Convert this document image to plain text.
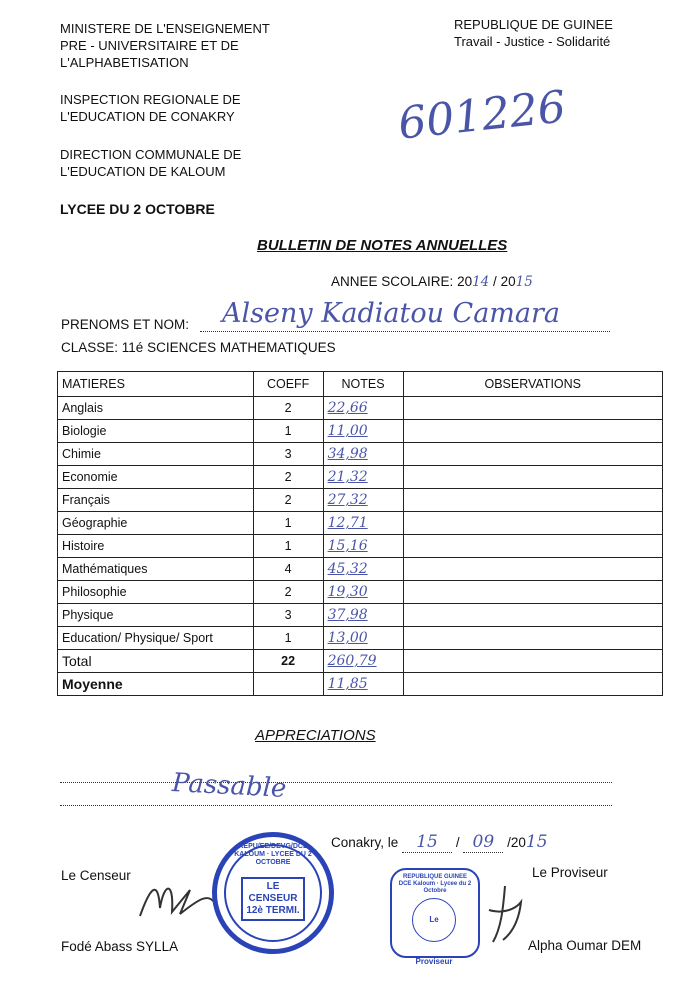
MINISTERE DE L'ENSEIGNEMENT
PRE - UNIVERSITAIRE ET DE
L'ALPHABETISATION
INSPECTION REGIONALE DE
L'EDUCATION DE CONAKRY
DIRECTION COMMUNALE DE
L'EDUCATION DE KALOUM
LYCEE DU 2 OCTOBRE
REPUBLIQUE DE GUINEE
Travail - Justice - Solidarité
601226
BULLETIN DE NOTES ANNUELLES
ANNEE SCOLAIRE: 2014 / 2015
PRENOMS ET NOM: Alseny Kadiatou Camara
CLASSE: 11é SCIENCES MATHEMATIQUES
MATIERES	COEFF	NOTES	OBSERVATIONS
Anglais	2	22,66	
Biologie	1	11,00	
Chimie	3	34,98	
Economie	2	21,32	
Français	2	27,32	
Géographie	1	12,71	
Histoire	1	15,16	
Mathématiques	4	45,32	
Philosophie	2	19,30	
Physique	3	37,98	
Education/ Physique/ Sport	1	13,00	
Total	22	260,79	
Moyenne		11,85	
APPRECIATIONS
Passable
Conakry, le 15 / 09 /2015
Le Censeur
Fodé Abass SYLLA
Le Proviseur
Alpha Oumar DEM
REPU/EE/DEVG/DCE KALOUM · LYCEE DU 2 OCTOBRE
LE CENSEUR 12è TERMI.
REPUBLIQUE GUINEE DCE Kaloum · Lycee du 2 Octobre
Le Proviseur
